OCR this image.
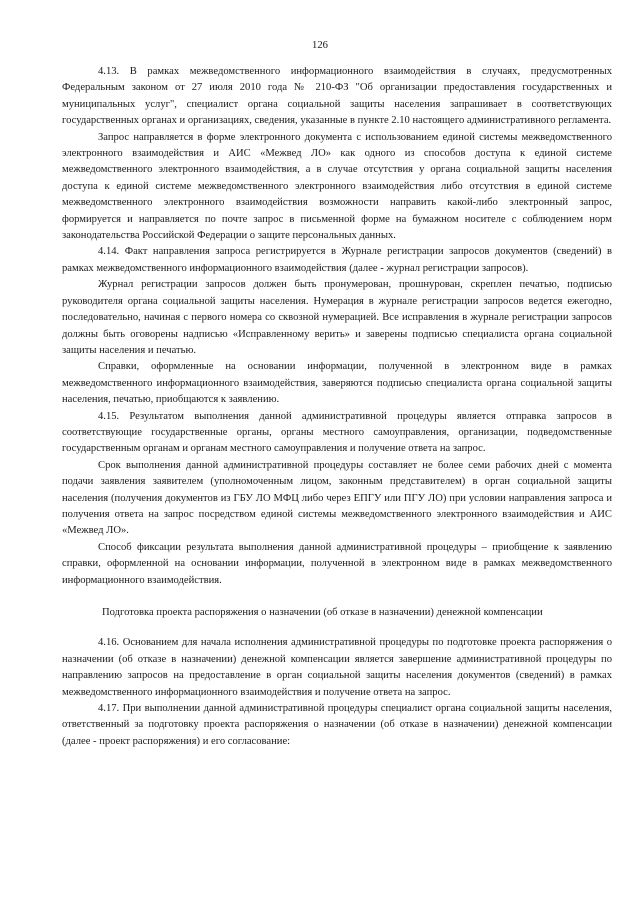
126

4.13. В рамках межведомственного информационного взаимодействия в случаях, предусмотренных Федеральным законом от 27 июля 2010 года № 210-ФЗ "Об организации предоставления государственных и муниципальных услуг", специалист органа социальной защиты населения запрашивает в соответствующих государственных органах и организациях, сведения, указанные в пункте 2.10 настоящего административного регламента.

Запрос направляется в форме электронного документа с использованием единой системы межведомственного электронного взаимодействия и АИС «Межвед ЛО» как одного из способов доступа к единой системе межведомственного электронного взаимодействия, а в случае отсутствия у органа социальной защиты населения доступа к единой системе межведомственного электронного взаимодействия либо отсутствия в единой системе межведомственного электронного взаимодействия возможности направить какой-либо электронный запрос, формируется и направляется по почте запрос в письменной форме на бумажном носителе с соблюдением норм законодательства Российской Федерации о защите персональных данных.

4.14. Факт направления запроса регистрируется в Журнале регистрации запросов документов (сведений) в рамках межведомственного информационного взаимодействия (далее - журнал регистрации запросов).

Журнал регистрации запросов должен быть пронумерован, прошнурован, скреплен печатью, подписью руководителя органа социальной защиты населения. Нумерация в журнале регистрации запросов ведется ежегодно, последовательно, начиная с первого номера со сквозной нумерацией. Все исправления в журнале регистрации запросов должны быть оговорены надписью «Исправленному верить» и заверены подписью специалиста органа социальной защиты населения и печатью.

Справки, оформленные на основании информации, полученной в электронном виде в рамках межведомственного информационного взаимодействия, заверяются подписью специалиста органа социальной защиты населения, печатью, приобщаются к заявлению.

4.15. Результатом выполнения данной административной процедуры является отправка запросов в соответствующие государственные органы, органы местного самоуправления, организации, подведомственные государственным органам и органам местного самоуправления и получение ответа на запрос.

Срок выполнения данной административной процедуры составляет не более семи рабочих дней с момента подачи заявления заявителем (уполномоченным лицом, законным представителем) в орган социальной защиты населения (получения документов из ГБУ ЛО МФЦ либо через ЕПГУ или ПГУ ЛО) при условии направления запроса и получения ответа на запрос посредством единой системы межведомственного электронного взаимодействия и АИС «Межвед ЛО».

Способ фиксации результата выполнения данной административной процедуры – приобщение к заявлению справки, оформленной на основании информации, полученной в электронном виде в рамках межведомственного информационного взаимодействия.

Подготовка проекта распоряжения о назначении (об отказе в назначении) денежной компенсации

4.16. Основанием для начала исполнения административной процедуры по подготовке проекта распоряжения о назначении (об отказе в назначении) денежной компенсации является завершение административной процедуры по направлению запросов на предоставление в орган социальной защиты населения документов (сведений) в рамках межведомственного информационного взаимодействия и получение ответа на запрос.

4.17. При выполнении данной административной процедуры специалист органа социальной защиты населения, ответственный за подготовку проекта распоряжения о назначении (об отказе в назначении) денежной компенсации (далее - проект распоряжения) и его согласование:
